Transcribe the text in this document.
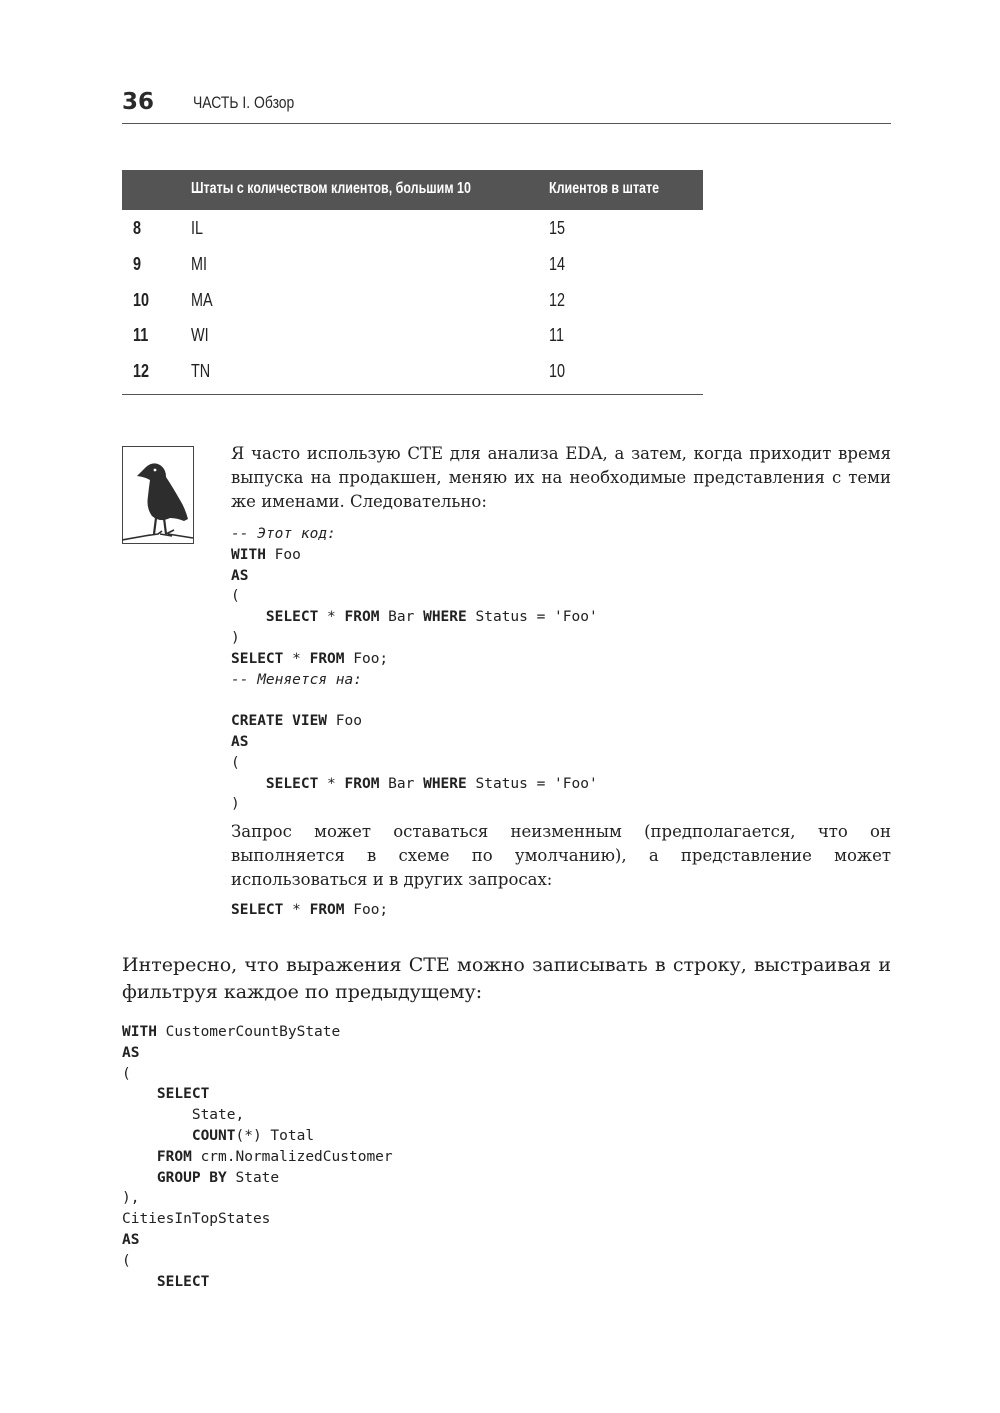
36 ЧАСТЬ I. Обзор
Штаты с количеством клиентов, большим 10	Клиентов в штате
8	IL	15
9	MI	14
10 MA	12
11 WI	11
12 TN	10

Я часто использую CTE для анализа EDA, а затем, когда приходит время выпуска на продакшен, меняю их на необходимые представления с теми же именами. Следовательно:

-- Этот код:
WITH Foo
AS
(
SELECT * FROM Bar WHERE Status = 'Foo'
)
SELECT * FROM Foo;
-- Меняется на:

CREATE VIEW Foo
AS
(
SELECT * FROM Bar WHERE Status = 'Foo'
)

Запрос может оставаться неизменным (предполагается, что он выполняется в схеме по умолчанию), а представление может использоваться и в других запросах:

SELECT * FROM Foo;

Интересно, что выражения CTE можно записывать в строку, выстраивая и фильтруя каждое по предыдущему:

WITH CustomerCountByState
AS
(
SELECT
State,
COUNT(*) Total
FROM crm.NormalizedCustomer
GROUP BY State
),
CitiesInTopStates
AS
(
SELECT
